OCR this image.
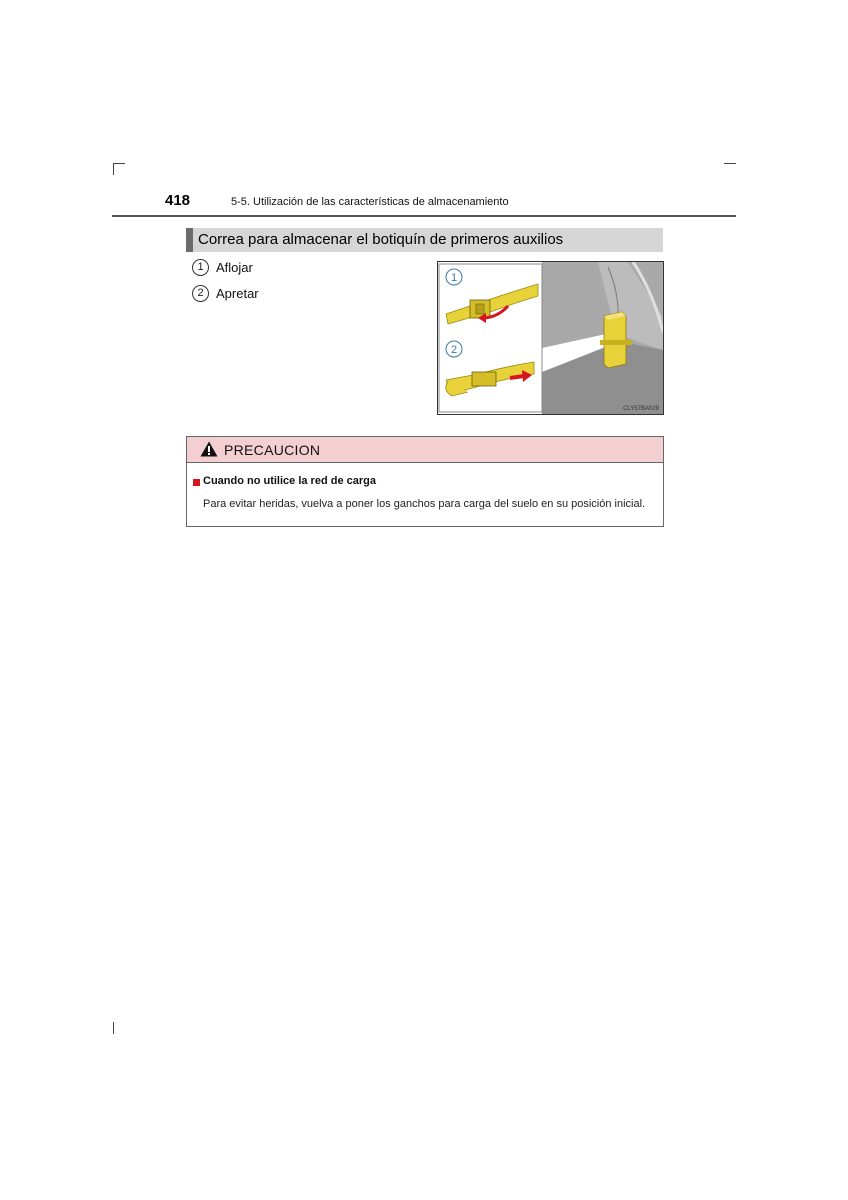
418	5-5. Utilización de las características de almacenamiento
Correa para almacenar el botiquín de primeros auxilios
1 Aflojar
2 Apretar
1
2
CLY57BA029
PRECAUCION
Cuando no utilice la red de carga
Para evitar heridas, vuelva a poner los ganchos para carga del suelo en su posición inicial.
